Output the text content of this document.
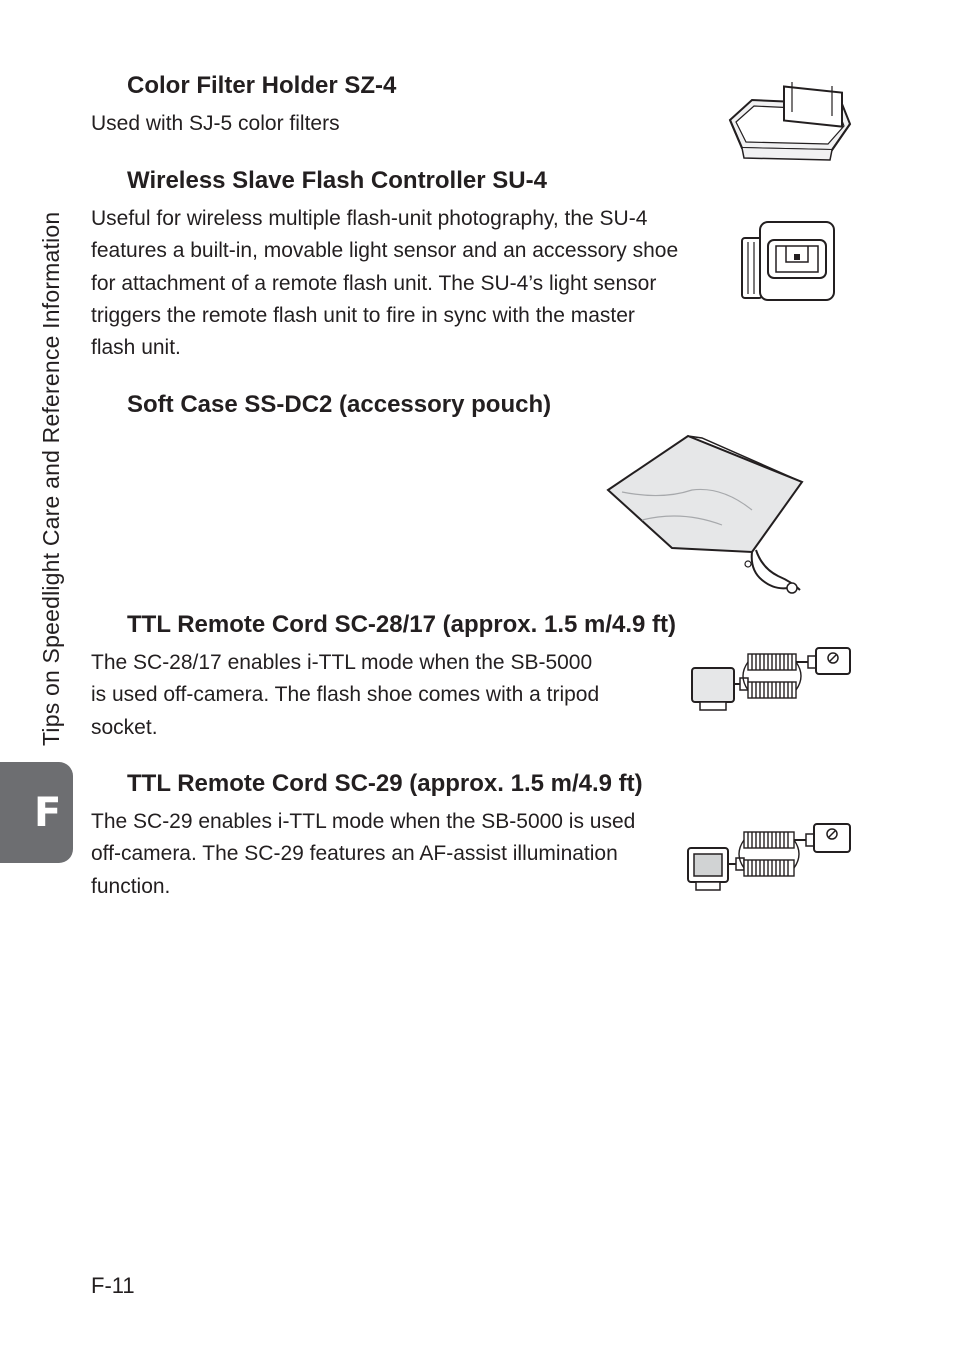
Tips on Speedlight Care and Reference Information
F
Color Filter Holder SZ-4
Used with SJ-5 color filters
Wireless Slave Flash Controller SU-4
Useful for wireless multiple flash-unit photography, the SU-4
features a built-in, movable light sensor and an accessory shoe
for attachment of a remote flash unit. The SU-4’s light sensor
triggers the remote flash unit to fire in sync with the master
flash unit.
Soft Case SS-DC2 (accessory pouch)
TTL Remote Cord SC-28/17 (approx. 1.5 m/4.9 ft)
The SC-28/17 enables i-TTL mode when the SB-5000
is used off-camera. The flash shoe comes with a tripod
socket.
TTL Remote Cord SC-29 (approx. 1.5 m/4.9 ft)
The SC-29 enables i-TTL mode when the SB-5000 is used
off-camera. The SC-29 features an AF-assist illumination
function.
F-11
